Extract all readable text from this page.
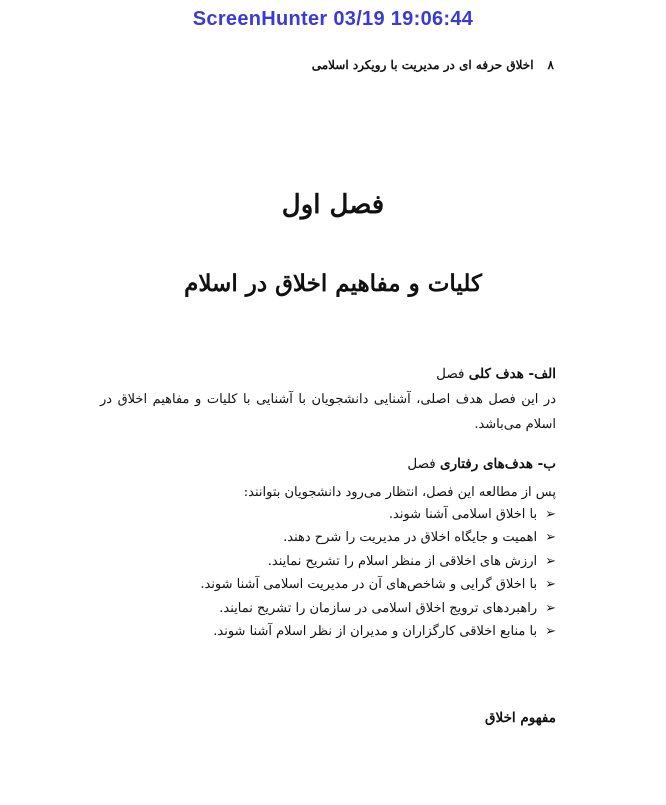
ScreenHunter 03/19 19:06:44
۸
اخلاق حرفه ای در مدیریت با رویکرد اسلامی
فصل اول
کلیات و مفاهیم اخلاق در اسلام
الف- هدف کلی فصل
در این فصل هدف اصلی، آشنایی دانشجویان با آشنایی با کلیات و مفاهیم اخلاق در اسلام می‌باشد.
ب- هدف‌های رفتاری فصل
پس از مطالعه این فصل، انتظار می‌رود دانشجویان بتوانند:
➢
با اخلاق اسلامی آشنا شوند.
➢
اهمیت و جایگاه اخلاق در مدیریت را شرح دهند.
➢
ارزش های اخلاقی از منظر اسلام را تشریح نمایند.
➢
با اخلاق گرایی و شاخص‌های آن در مدیریت اسلامی آشنا شوند.
➢
راهبردهای ترویج اخلاق اسلامی در سازمان را تشریح نمایند.
➢
با منابع اخلاقی کارگزاران و مدیران از نظر اسلام آشنا شوند.
مفهوم اخلاق
